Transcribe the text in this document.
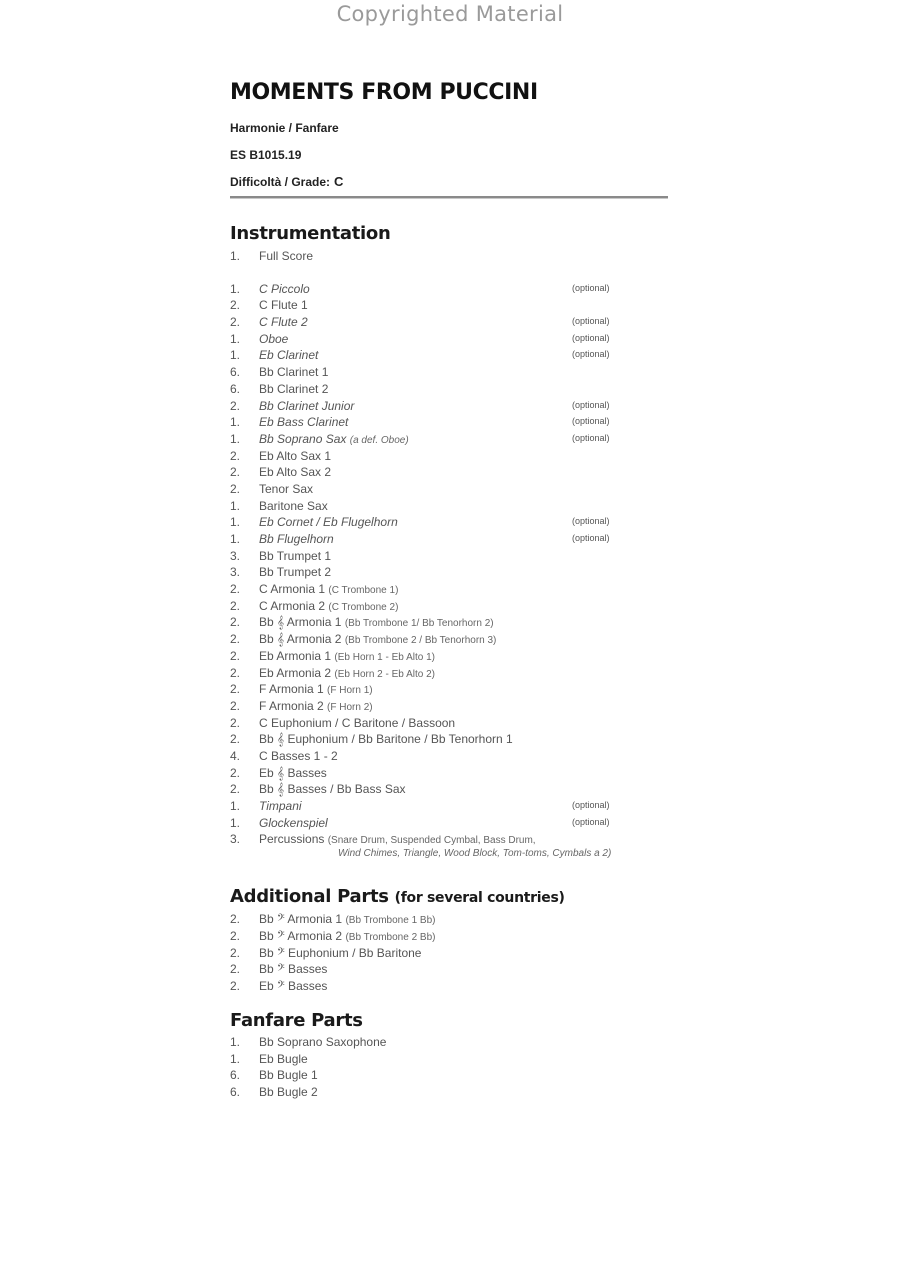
Copyrighted Material
MOMENTS FROM PUCCINI
Harmonie / Fanfare
ES B1015.19
Difficoltà / Grade: C
Instrumentation
1.	Full Score
1.	C Piccolo	(optional)
2.	C Flute 1
2.	C Flute 2	(optional)
1.	Oboe	(optional)
1.	Eb Clarinet	(optional)
6.	Bb Clarinet 1
6.	Bb Clarinet 2
2.	Bb Clarinet Junior	(optional)
1.	Eb Bass Clarinet	(optional)
1.	Bb Soprano Sax (a def. Oboe)	(optional)
2.	Eb Alto Sax 1
2.	Eb Alto Sax 2
2.	Tenor Sax
1.	Baritone Sax
1.	Eb Cornet / Eb Flugelhorn	(optional)
1.	Bb Flugelhorn	(optional)
3.	Bb Trumpet 1
3.	Bb Trumpet 2
2.	C Armonia 1 (C Trombone 1)
2.	C Armonia 2 (C Trombone 2)
2.	Bb 𝄞 Armonia 1 (Bb Trombone 1/ Bb Tenorhorn 2)
2.	Bb 𝄞 Armonia 2 (Bb Trombone 2 / Bb Tenorhorn 3)
2.	Eb Armonia 1 (Eb Horn 1 - Eb Alto 1)
2.	Eb Armonia 2 (Eb Horn 2 - Eb Alto 2)
2.	F Armonia 1 (F Horn 1)
2.	F Armonia 2 (F Horn 2)
2.	C Euphonium / C Baritone / Bassoon
2.	Bb 𝄞 Euphonium / Bb Baritone / Bb Tenorhorn 1
4.	C Basses 1 - 2
2.	Eb 𝄞 Basses
2.	Bb 𝄞 Basses / Bb Bass Sax
1.	Timpani	(optional)
1.	Glockenspiel	(optional)
3.	Percussions (Snare Drum, Suspended Cymbal, Bass Drum,
Wind Chimes, Triangle, Wood Block, Tom-toms, Cymbals a 2)
Additional Parts (for several countries)
2.	Bb 𝄢 Armonia 1 (Bb Trombone 1 Bb)
2.	Bb 𝄢 Armonia 2 (Bb Trombone 2 Bb)
2.	Bb 𝄢 Euphonium / Bb Baritone
2.	Bb 𝄢 Basses
2.	Eb 𝄢 Basses
Fanfare Parts
1.	Bb Soprano Saxophone
1.	Eb Bugle
6.	Bb Bugle 1
6.	Bb Bugle 2
